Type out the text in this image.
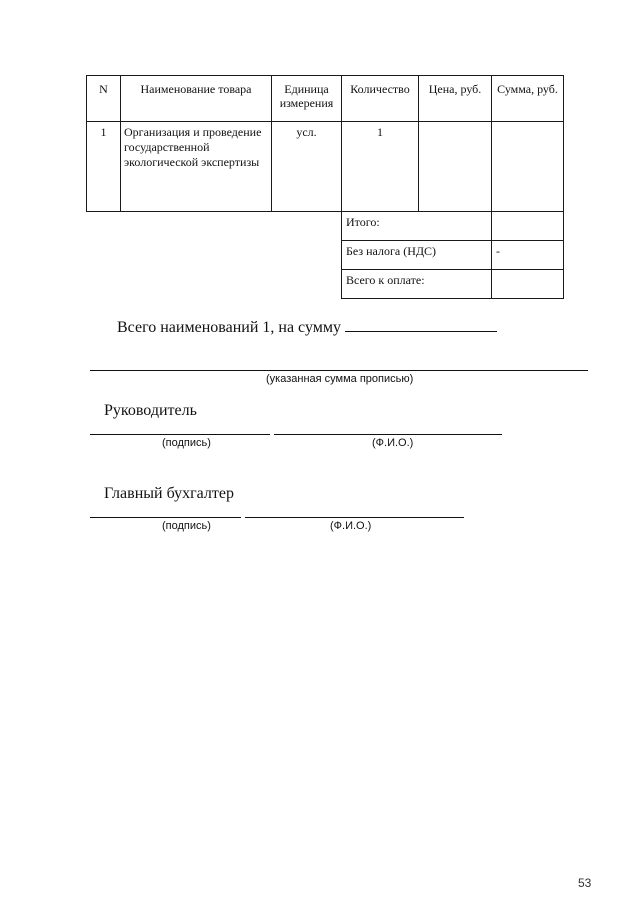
N	Наименование товара	Единица измерения	Количество	Цена, руб.	Сумма, руб.
1	Организация и проведение государственной экологической экспертизы	усл.	1		
			Итого:		
			Без налога (НДС)		-
			Всего к оплате:		
Всего наименований 1, на сумму
(указанная сумма прописью)
Руководитель
(подпись)	(Ф.И.О.)
Главный бухгалтер
(подпись)	(Ф.И.О.)
53
